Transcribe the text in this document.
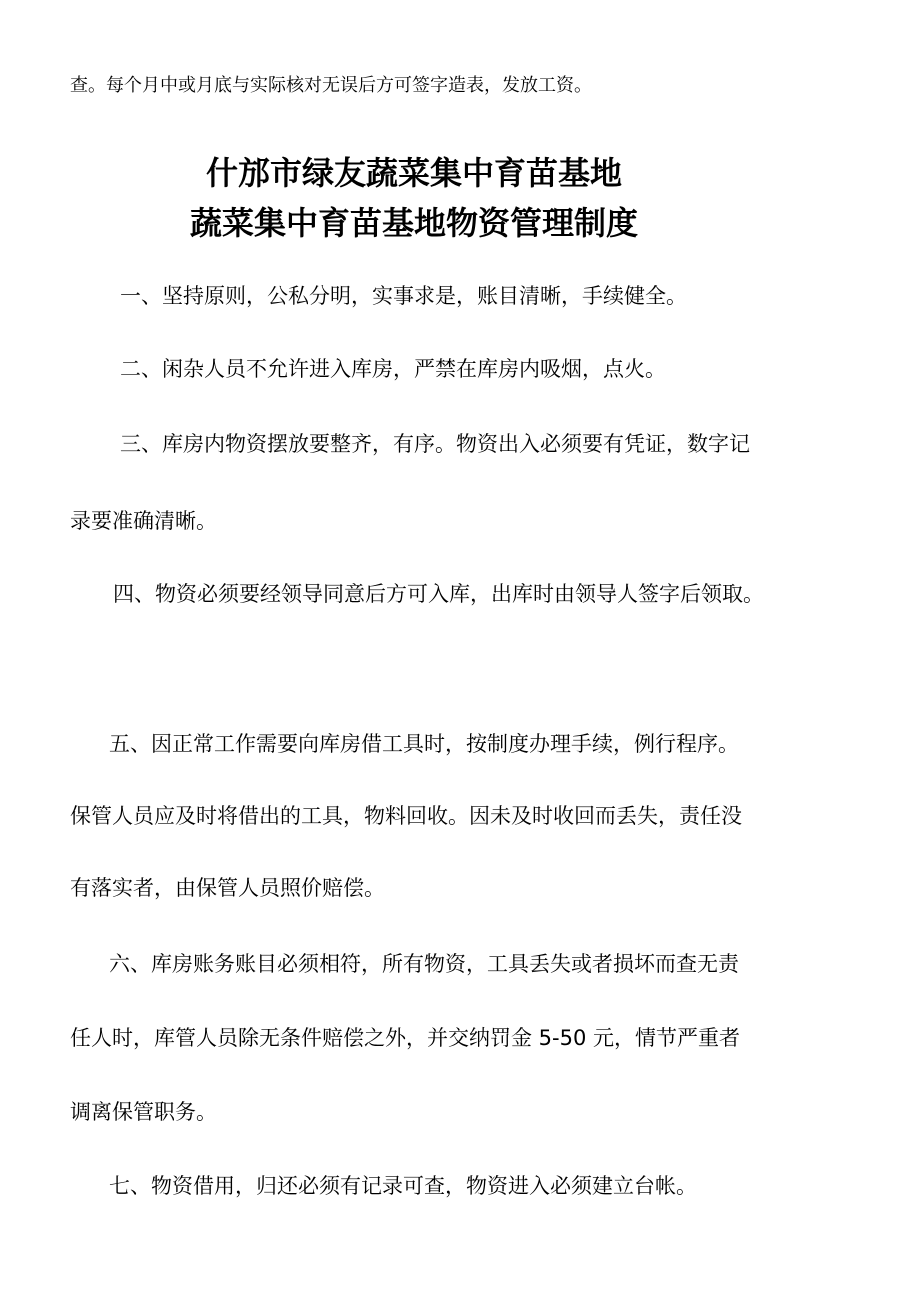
查。每个月中或月底与实际核对无误后方可签字造表，发放工资。
什邡市绿友蔬菜集中育苗基地
蔬菜集中育苗基地物资管理制度
一、坚持原则，公私分明，实事求是，账目清晰，手续健全。
二、闲杂人员不允许进入库房，严禁在库房内吸烟，点火。
三、库房内物资摆放要整齐，有序。物资出入必须要有凭证，数字记
录要准确清晰。
四、物资必须要经领导同意后方可入库，出库时由领导人签字后领取。
五、因正常工作需要向库房借工具时，按制度办理手续，例行程序。
保管人员应及时将借出的工具，物料回收。因未及时收回而丢失，责任没
有落实者，由保管人员照价赔偿。
六、库房账务账目必须相符，所有物资，工具丢失或者损坏而查无责
任人时，库管人员除无条件赔偿之外，并交纳罚金 5-50 元，情节严重者
调离保管职务。
七、物资借用，归还必须有记录可查，物资进入必须建立台帐。
